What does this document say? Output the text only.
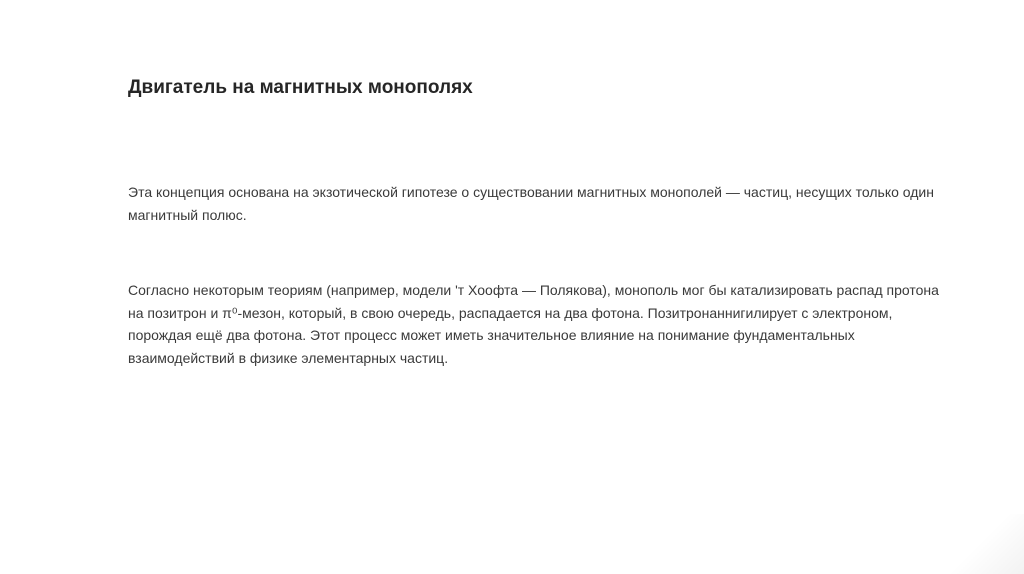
Двигатель на магнитных монополях

Эта концепция основана на экзотической гипотезе о существовании магнитных монополей — частиц, несущих только один магнитный полюс.

Согласно некоторым теориям (например, модели 'т Хоофта — Полякова), монополь мог бы катализировать распад протона на позитрон и π⁰-мезон, который, в свою очередь, распадается на два фотона. Позитронаннигилирует с электроном, порождая ещё два фотона. Этот процесс может иметь значительное влияние на понимание фундаментальных взаимодействий в физике элементарных частиц.
